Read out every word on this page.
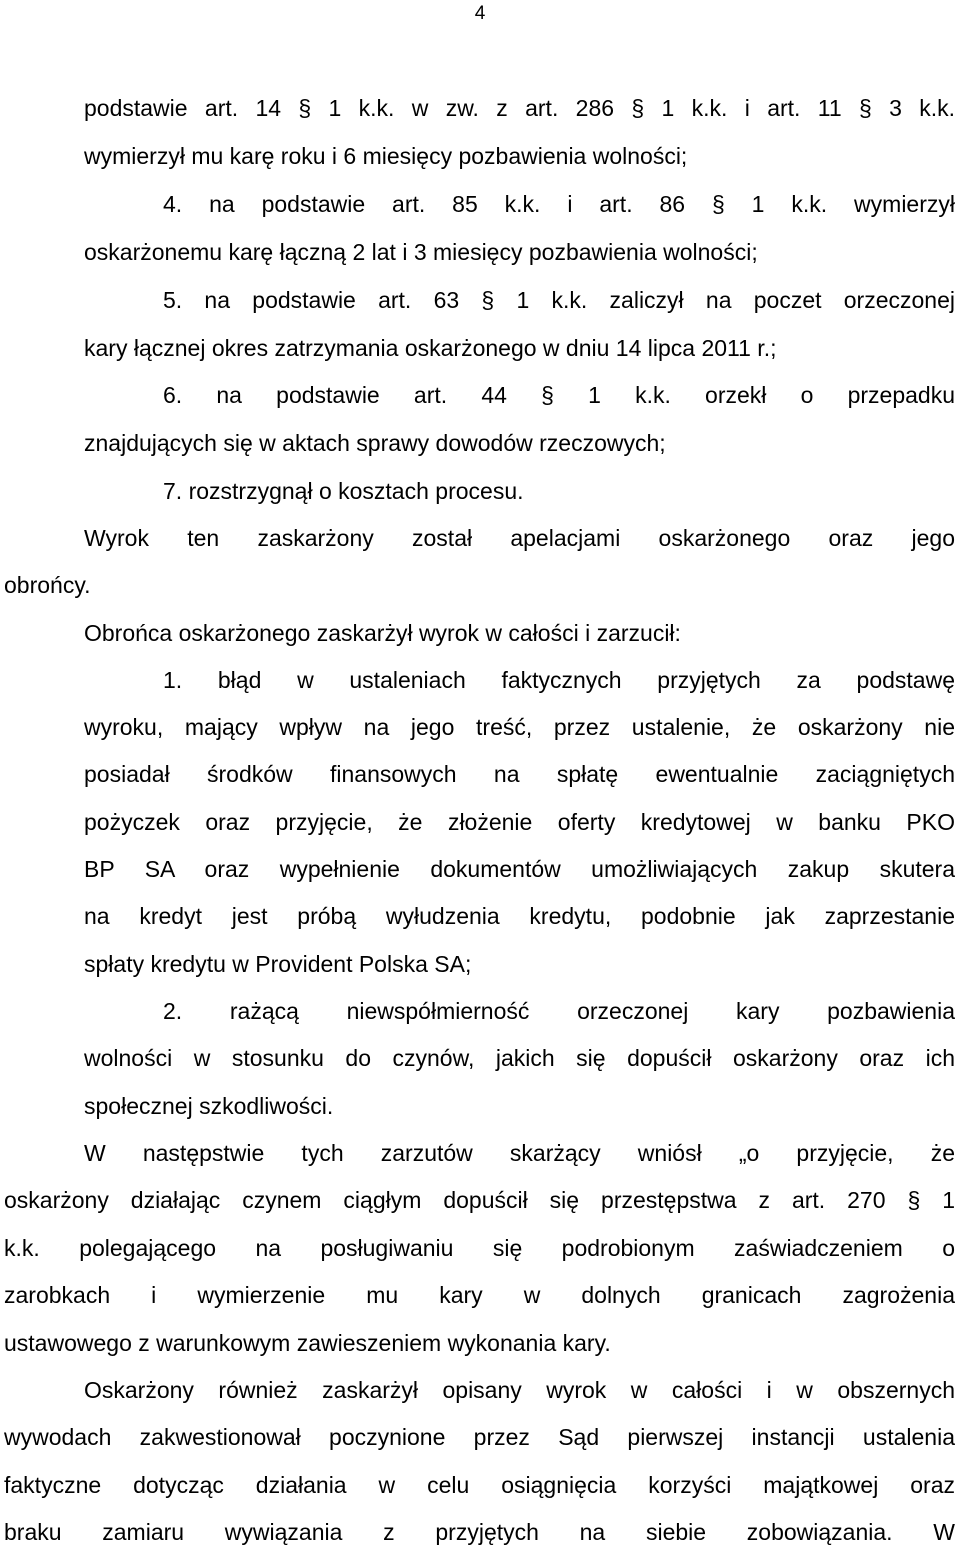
4
podstawie art. 14 § 1 k.k. w zw. z art. 286 § 1 k.k. i art. 11 § 3 k.k.
wymierzył mu karę roku i 6 miesięcy pozbawienia wolności;
4. na podstawie art. 85 k.k. i art. 86 § 1 k.k. wymierzył
oskarżonemu karę łączną 2 lat i 3 miesięcy pozbawienia wolności;
5. na podstawie art. 63 § 1 k.k. zaliczył na poczet orzeczonej
kary łącznej okres zatrzymania oskarżonego w dniu 14 lipca 2011 r.;
6. na podstawie art. 44 § 1 k.k. orzekł o przepadku
znajdujących się w aktach sprawy dowodów rzeczowych;
7. rozstrzygnął o kosztach procesu.
Wyrok ten zaskarżony został apelacjami oskarżonego oraz jego
obrońcy.
Obrońca oskarżonego zaskarżył wyrok w całości i zarzucił:
1. błąd w ustaleniach faktycznych przyjętych za podstawę
wyroku, mający wpływ na jego treść, przez ustalenie, że oskarżony nie
posiadał środków finansowych na spłatę ewentualnie zaciągniętych
pożyczek oraz przyjęcie, że złożenie oferty kredytowej w banku PKO
BP SA oraz wypełnienie dokumentów umożliwiających zakup skutera
na kredyt jest próbą wyłudzenia kredytu, podobnie jak zaprzestanie
spłaty kredytu w Provident Polska SA;
2. rażącą niewspółmierność orzeczonej kary pozbawienia
wolności w stosunku do czynów, jakich się dopuścił oskarżony oraz ich
społecznej szkodliwości.
W następstwie tych zarzutów skarżący wniósł „o przyjęcie, że
oskarżony działając czynem ciągłym dopuścił się przestępstwa z art. 270 § 1
k.k. polegającego na posługiwaniu się podrobionym zaświadczeniem o
zarobkach i wymierzenie mu kary w dolnych granicach zagrożenia
ustawowego z warunkowym zawieszeniem wykonania kary.
Oskarżony również zaskarżył opisany wyrok w całości i w obszernych
wywodach zakwestionował poczynione przez Sąd pierwszej instancji ustalenia
faktyczne dotycząc działania w celu osiągnięcia korzyści majątkowej oraz
braku zamiaru wywiązania z przyjętych na siebie zobowiązania. W
